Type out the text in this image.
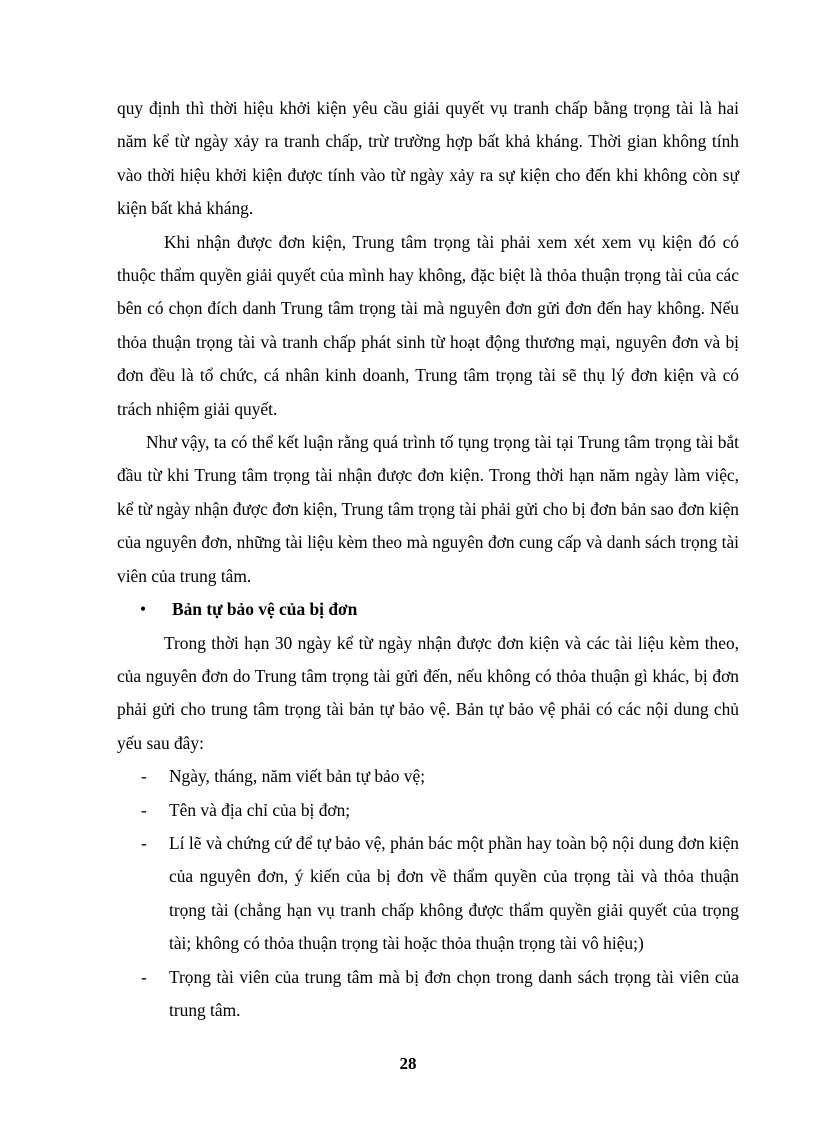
quy định thì thời hiệu khởi kiện yêu cầu giải quyết vụ tranh chấp bằng trọng tài là hai năm kể từ ngày xảy ra tranh chấp, trừ trường hợp bất khả kháng. Thời gian không tính vào thời hiệu khởi kiện được tính vào từ ngày xảy ra sự kiện cho đến khi không còn sự kiện bất khả kháng.

Khi nhận được đơn kiện, Trung tâm trọng tài phải xem xét xem vụ kiện đó có thuộc thẩm quyền giải quyết của mình hay không, đặc biệt là thỏa thuận trọng tài của các bên có chọn đích danh Trung tâm trọng tài mà nguyên đơn gửi đơn đến hay không. Nếu thỏa thuận trọng tài và tranh chấp phát sinh từ hoạt động thương mại, nguyên đơn và bị đơn đều là tổ chức, cá nhân kinh doanh, Trung tâm trọng tài sẽ thụ lý đơn kiện và có trách nhiệm giải quyết.

Như vậy, ta có thể kết luận rằng quá trình tố tụng trọng tài tại Trung tâm trọng tài bắt đầu từ khi Trung tâm trọng tài nhận được đơn kiện. Trong thời hạn năm ngày làm việc, kể từ ngày nhận được đơn kiện, Trung tâm trọng tài phải gửi cho bị đơn bản sao đơn kiện của nguyên đơn, những tài liệu kèm theo mà nguyên đơn cung cấp và danh sách trọng tài viên của trung tâm.

• Bản tự bảo vệ của bị đơn

Trong thời hạn 30 ngày kể từ ngày nhận được đơn kiện và các tài liệu kèm theo, của nguyên đơn do Trung tâm trọng tài gửi đến, nếu không có thỏa thuận gì khác, bị đơn phải gửi cho trung tâm trọng tài bản tự bảo vệ. Bản tự bảo vệ phải có các nội dung chủ yếu sau đây:

- Ngày, tháng, năm viết bản tự bảo vệ;
- Tên và địa chỉ của bị đơn;
- Lí lẽ và chứng cứ để tự bảo vệ, phản bác một phần hay toàn bộ nội dung đơn kiện của nguyên đơn, ý kiến của bị đơn về thẩm quyền của trọng tài và thỏa thuận trọng tài (chẳng hạn vụ tranh chấp không được thẩm quyền giải quyết của trọng tài; không có thỏa thuận trọng tài hoặc thỏa thuận trọng tài vô hiệu;)
- Trọng tài viên của trung tâm mà bị đơn chọn trong danh sách trọng tài viên của trung tâm.
28
